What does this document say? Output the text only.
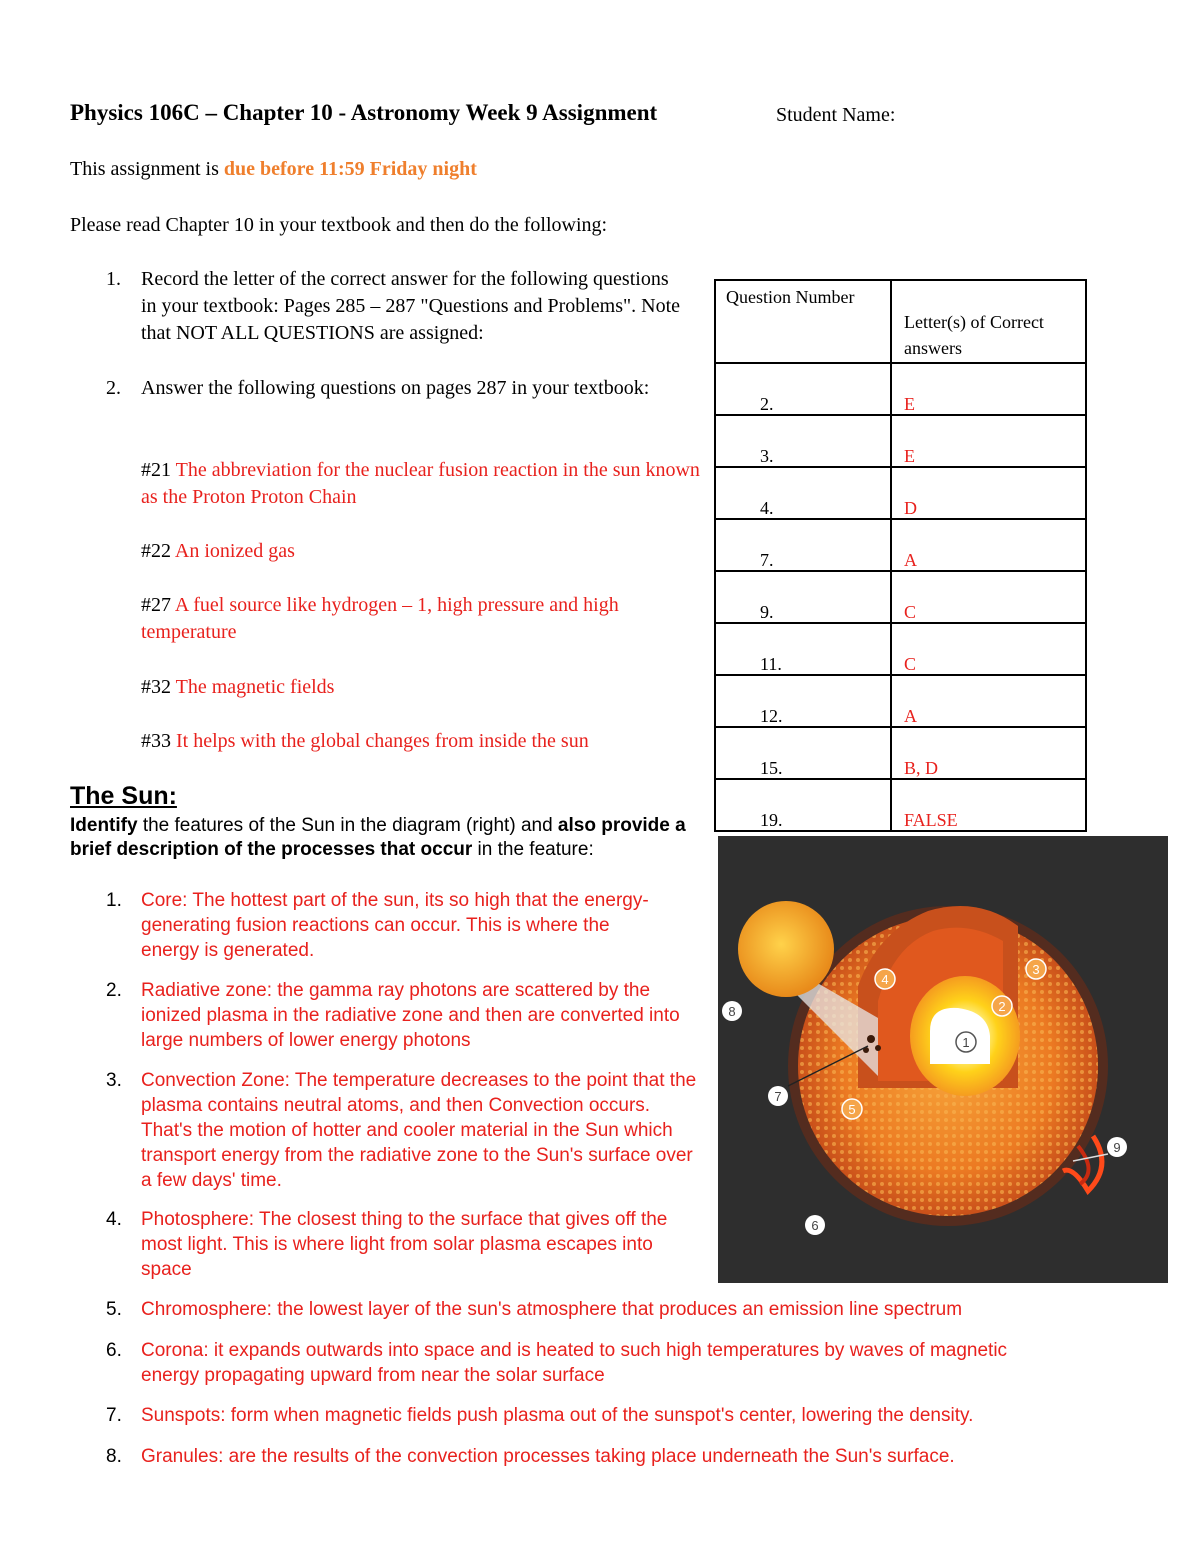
Physics 106C – Chapter 10 - Astronomy Week 9 Assignment	Student Name:
This assignment is due before 11:59 Friday night
Please read Chapter 10 in your textbook and then do the following:
1. Record the letter of the correct answer for the following questions in your textbook: Pages 285 – 287 "Questions and Problems". Note that NOT ALL QUESTIONS are assigned:
2. Answer the following questions on pages 287 in your textbook:
#21 The abbreviation for the nuclear fusion reaction in the sun known as the Proton Proton Chain
#22 An ionized gas
#27 A fuel source like hydrogen – 1, high pressure and high temperature
#32 The magnetic fields
#33 It helps with the global changes from inside the sun
Question Number	Letter(s) of Correct answers
2.	E
3.	E
4.	D
7.	A
9.	C
11.	C
12.	A
15.	B, D
19.	FALSE
The Sun:
Identify the features of the Sun in the diagram (right) and also provide a brief description of the processes that occur in the feature:
1. Core: The hottest part of the sun, its so high that the energy-generating fusion reactions can occur. This is where the energy is generated.
2. Radiative zone: the gamma ray photons are scattered by the ionized plasma in the radiative zone and then are converted into large numbers of lower energy photons
3. Convection Zone: The temperature decreases to the point that the plasma contains neutral atoms, and then Convection occurs. That's the motion of hotter and cooler material in the Sun which transport energy from the radiative zone to the Sun's surface over a few days' time.
4. Photosphere: The closest thing to the surface that gives off the most light. This is where light from solar plasma escapes into space
5. Chromosphere: the lowest layer of the sun's atmosphere that produces an emission line spectrum
6. Corona: it expands outwards into space and is heated to such high temperatures by waves of magnetic energy propagating upward from near the solar surface
7. Sunspots: form when magnetic fields push plasma out of the sunspot's center, lowering the density.
8. Granules: are the results of the convection processes taking place underneath the Sun's surface.
1
2
3
4
5
6
7
8
9
